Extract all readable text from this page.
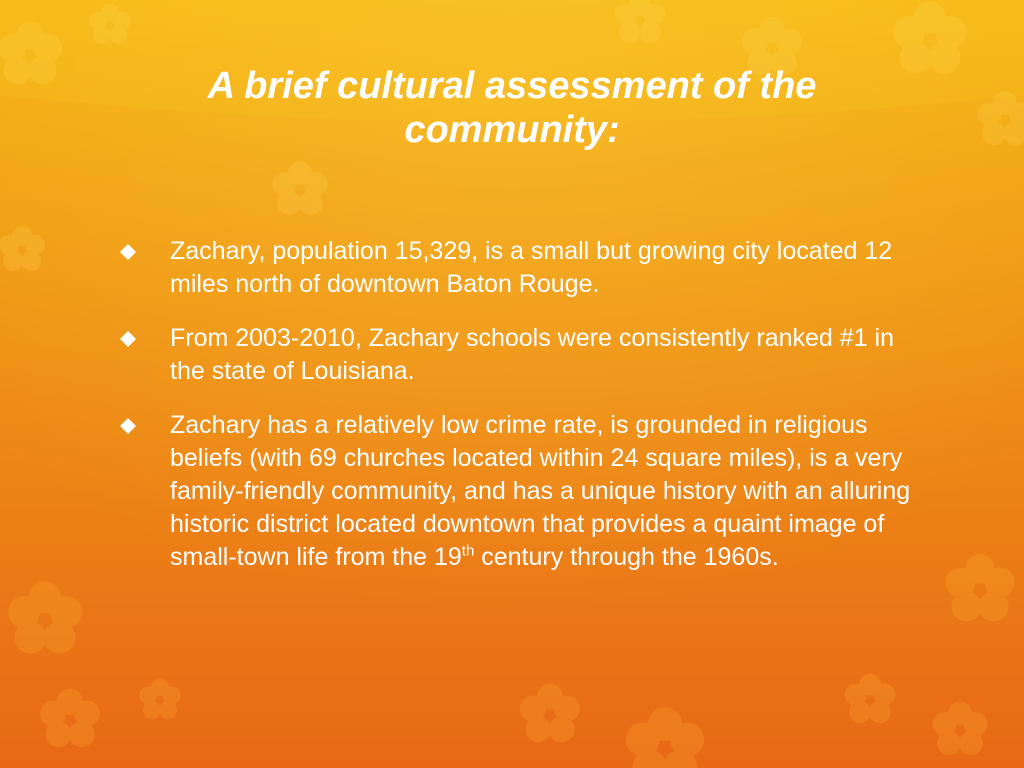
A brief cultural assessment of the community:
Zachary, population 15,329, is a small but growing city located 12 miles north of downtown Baton Rouge.
From 2003-2010, Zachary schools were consistently ranked #1 in the state of Louisiana.
Zachary has a relatively low crime rate, is grounded in religious beliefs (with 69 churches located within 24 square miles), is a very family-friendly community, and has a unique history with an alluring historic district located downtown that provides a quaint image of small-town life from the 19th century through the 1960s.
